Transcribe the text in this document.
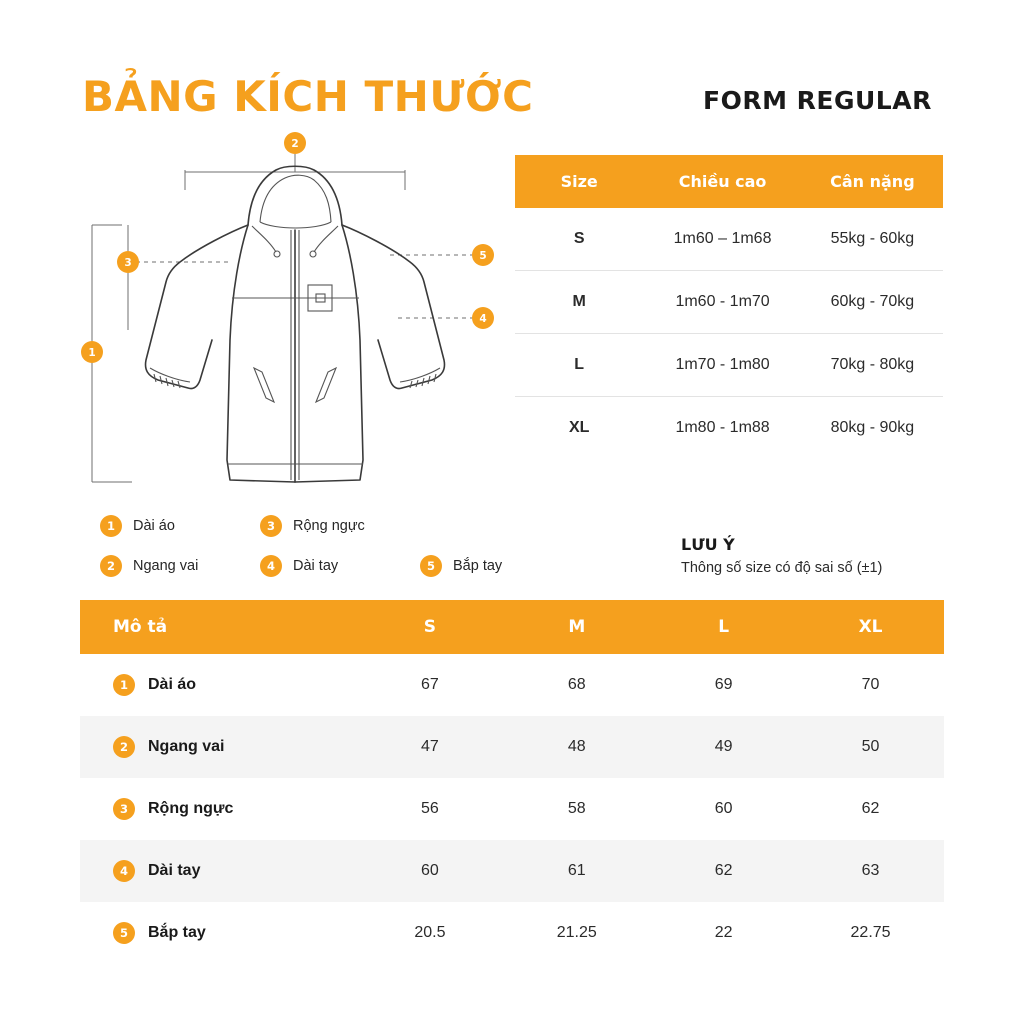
BẢNG KÍCH THƯỚC	FORM REGULAR
2
1
3
5
4
1	Dài áo	3	Rộng ngực
2	Ngang vai	4	Dài tay	5	Bắp tay
Size	Chiều cao	Cân nặng
S	1m60 – 1m68	55kg - 60kg
M	1m60 - 1m70	60kg - 70kg
L	1m70 - 1m80	70kg - 80kg
XL	1m80 - 1m88	80kg - 90kg
LƯU Ý
Thông số size có độ sai số (±1)
Mô tả	S	M	L	XL

1 Dài áo	67	68	69	70

2 Ngang vai	47	48	49	50

3 Rộng ngực	56	58	60	62

4 Dài tay	60	61	62	63

5 Bắp tay	20.5	21.25	22	22.75
